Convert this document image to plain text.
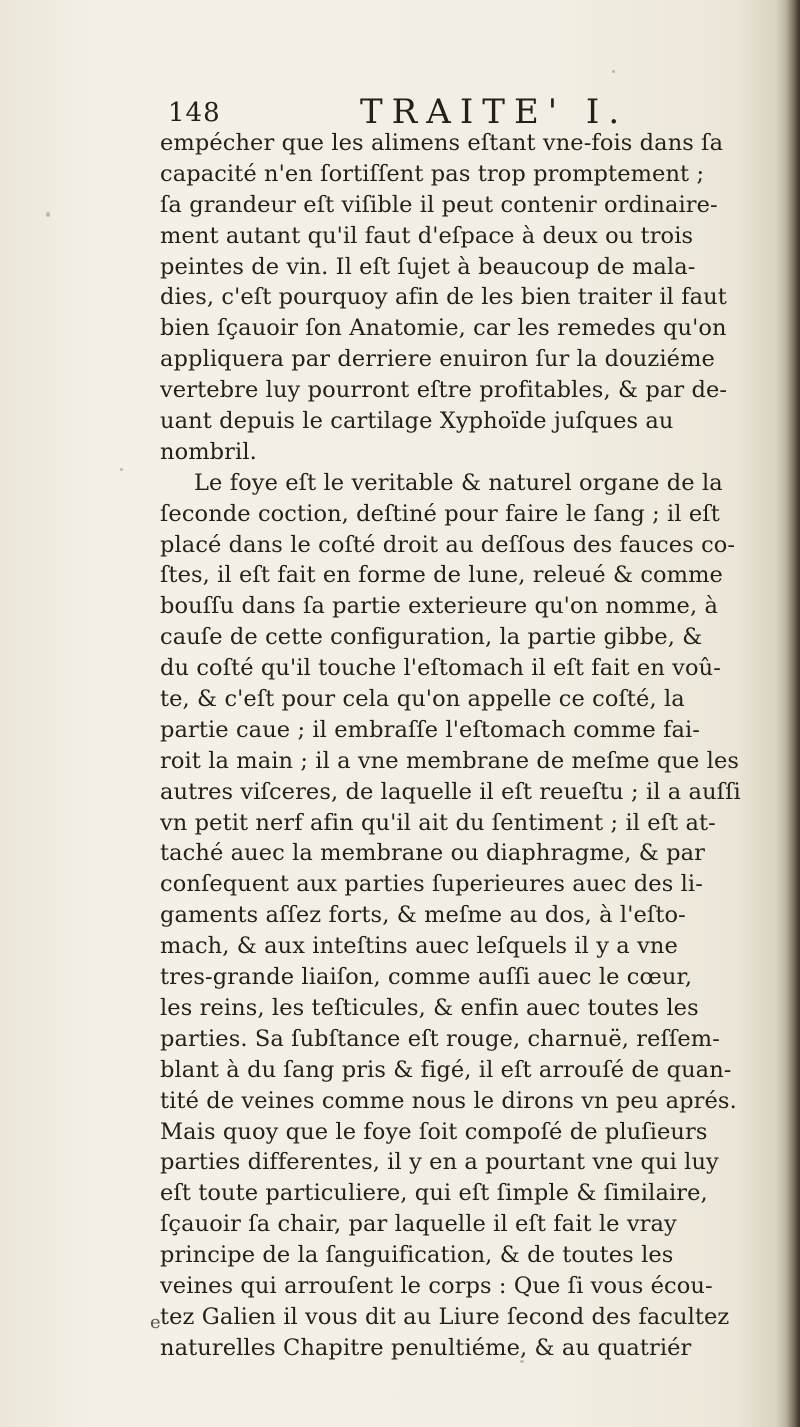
148	TRAITE' I.
empécher que les alimens eſtant vne-fois dans ſa
capacité n'en ſortiſſent pas trop promptement ;
ſa grandeur eſt viſible il peut contenir ordinaire-
ment autant qu'il faut d'eſpace à deux ou trois
peintes de vin. Il eſt ſujet à beaucoup de mala-
dies, c'eſt pourquoy afin de les bien traiter il faut
bien ſçauoir ſon Anatomie, car les remedes qu'on
appliquera par derriere enuiron ſur la douziéme
vertebre luy pourront eſtre profitables, & par de-
uant depuis le cartilage Xyphoïde juſques au
nombril.
Le foye eſt le veritable & naturel organe de la
ſeconde coction, deſtiné pour faire le ſang ; il eſt
placé dans le coſté droit au deſſous des fauces co-
ſtes, il eſt fait en forme de lune, releué & comme
bouſſu dans ſa partie exterieure qu'on nomme, à
cauſe de cette configuration, la partie gibbe, &
du coſté qu'il touche l'eſtomach il eſt fait en voû-
te, & c'eſt pour cela qu'on appelle ce coſté, la
partie caue ; il embraſſe l'eſtomach comme fai-
roit la main ; il a vne membrane de meſme que les
autres viſceres, de laquelle il eſt reueſtu ; il a auſſi
vn petit nerf afin qu'il ait du ſentiment ; il eſt at-
taché auec la membrane ou diaphragme, & par
conſequent aux parties ſuperieures auec des li-
gaments aſſez forts, & meſme au dos, à l'eſto-
mach, & aux inteſtins auec leſquels il y a vne
tres-grande liaiſon, comme auſſi auec le cœur,
les reins, les teſticules, & enfin auec toutes les
parties. Sa ſubſtance eſt rouge, charnuë, reſſem-
blant à du ſang pris & figé, il eſt arrouſé de quan-
tité de veines comme nous le dirons vn peu aprés.
Mais quoy que le foye ſoit compoſé de pluſieurs
parties differentes, il y en a pourtant vne qui luy
eſt toute particuliere, qui eſt ſimple & ſimilaire,
ſçauoir ſa chair, par laquelle il eſt fait le vray
principe de la ſanguification, & de toutes les
veines qui arrouſent le corps : Que ſi vous écou-
tez Galien il vous dit au Liure ſecond des facultez
naturelles Chapitre penultiéme, & au quatriér
e
